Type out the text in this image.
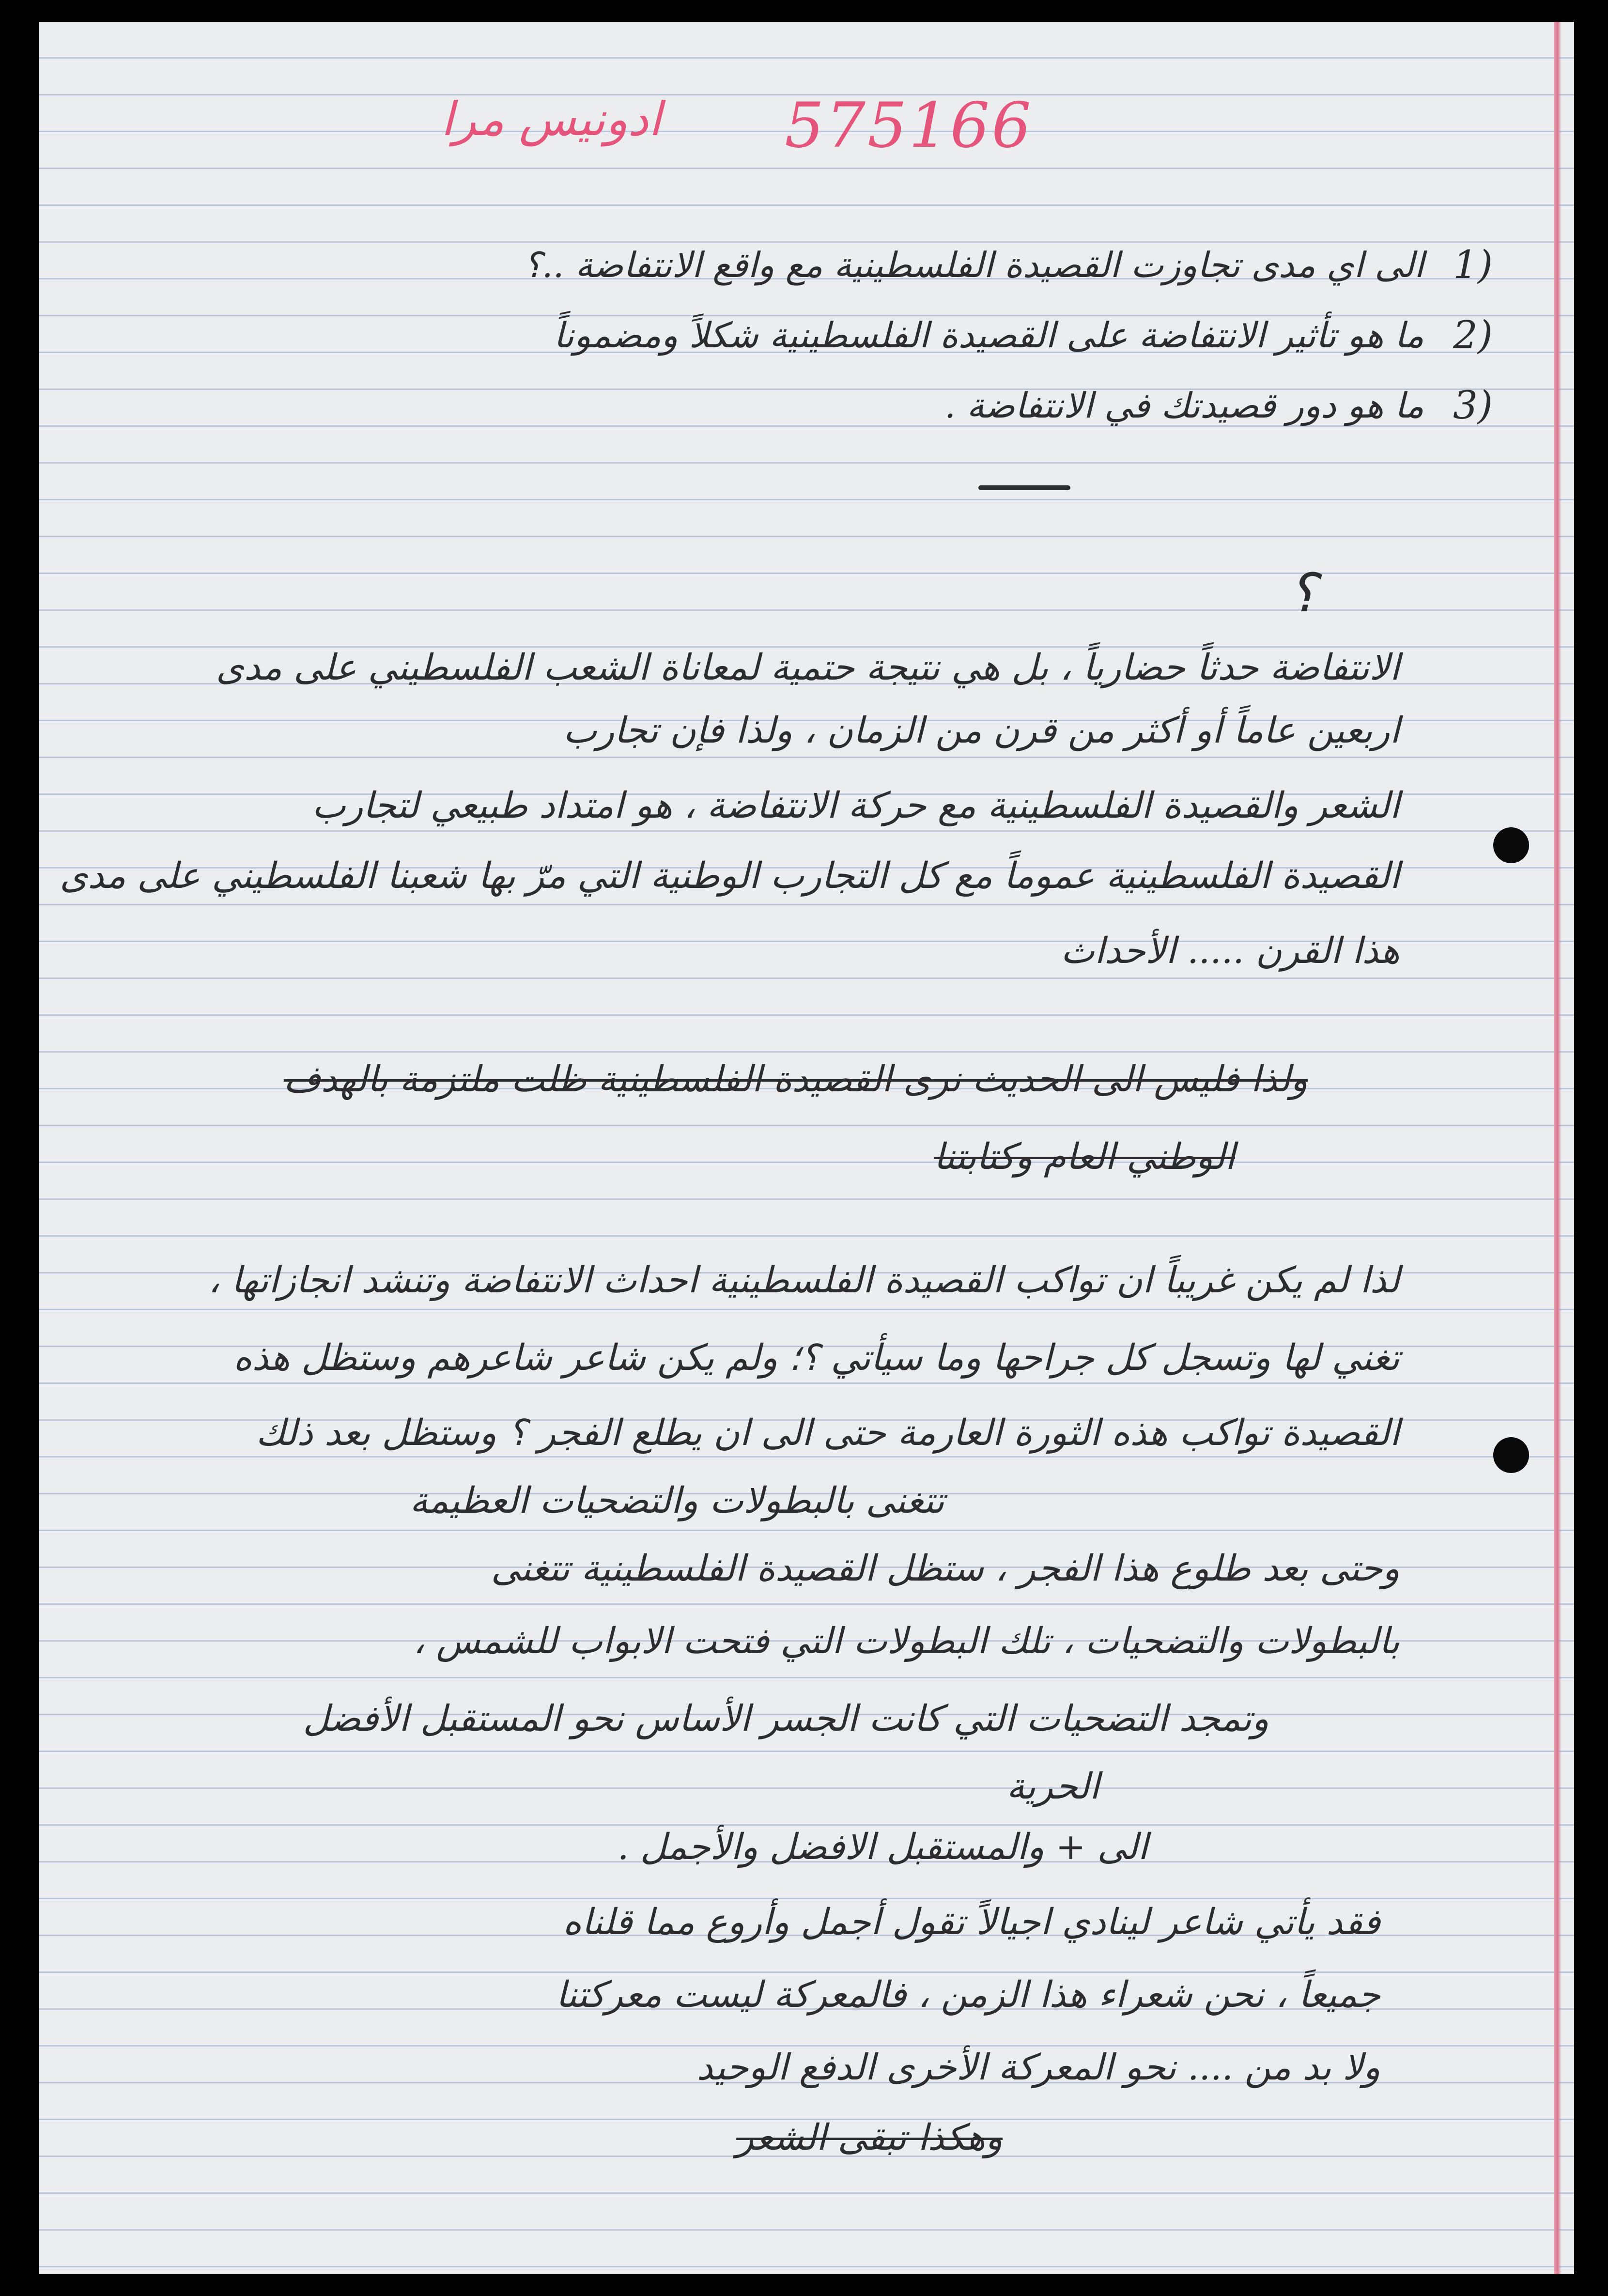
575166
ادونيس مرا
1)
الى اي مدى تجاوزت القصيدة الفلسطينية مع واقع الانتفاضة ..؟
2)
ما هو تأثير الانتفاضة على القصيدة الفلسطينية شكلاً ومضموناً
3)
ما هو دور قصيدتك في الانتفاضة .
؟
الانتفاضة حدثاً حضارياً ، بل هي نتيجة حتمية لمعاناة الشعب الفلسطيني على مدى
اربعين عاماً أو أكثر من قرن من الزمان ، ولذا فإن تجارب
الشعر والقصيدة الفلسطينية مع حركة الانتفاضة ، هو امتداد طبيعي لتجارب
القصيدة الفلسطينية عموماً مع كل التجارب الوطنية التي مرّ بها شعبنا الفلسطيني على مدى
هذا القرن ..... الأحداث
ولذا فليس الى الحديث نرى القصيدة الفلسطينية ظلت ملتزمة بالهدف
الوطني العام وكتابتنا
لذا لم يكن غريباً ان تواكب القصيدة الفلسطينية احداث الانتفاضة وتنشد انجازاتها ،
تغني لها وتسجل كل جراحها وما سيأتي ؟؛ ولم يكن شاعر شاعرهم وستظل هذه
القصيدة تواكب هذه الثورة العارمة حتى الى ان يطلع الفجر ؟ وستظل بعد ذلك
تتغنى بالبطولات والتضحيات العظيمة
وحتى بعد طلوع هذا الفجر ، ستظل القصيدة الفلسطينية تتغنى
بالبطولات والتضحيات ، تلك البطولات التي فتحت الابواب للشمس ،
وتمجد التضحيات التي كانت الجسر الأساس نحو المستقبل الأفضل
الحرية
الى + والمستقبل الافضل والأجمل .
فقد يأتي شاعر لينادي اجيالاً تقول أجمل وأروع مما قلناه
جميعاً ، نحن شعراء هذا الزمن ، فالمعركة ليست معركتنا
ولا بد من .... نحو المعركة الأخرى الدفع الوحيد
وهكذا تبقى الشعر
